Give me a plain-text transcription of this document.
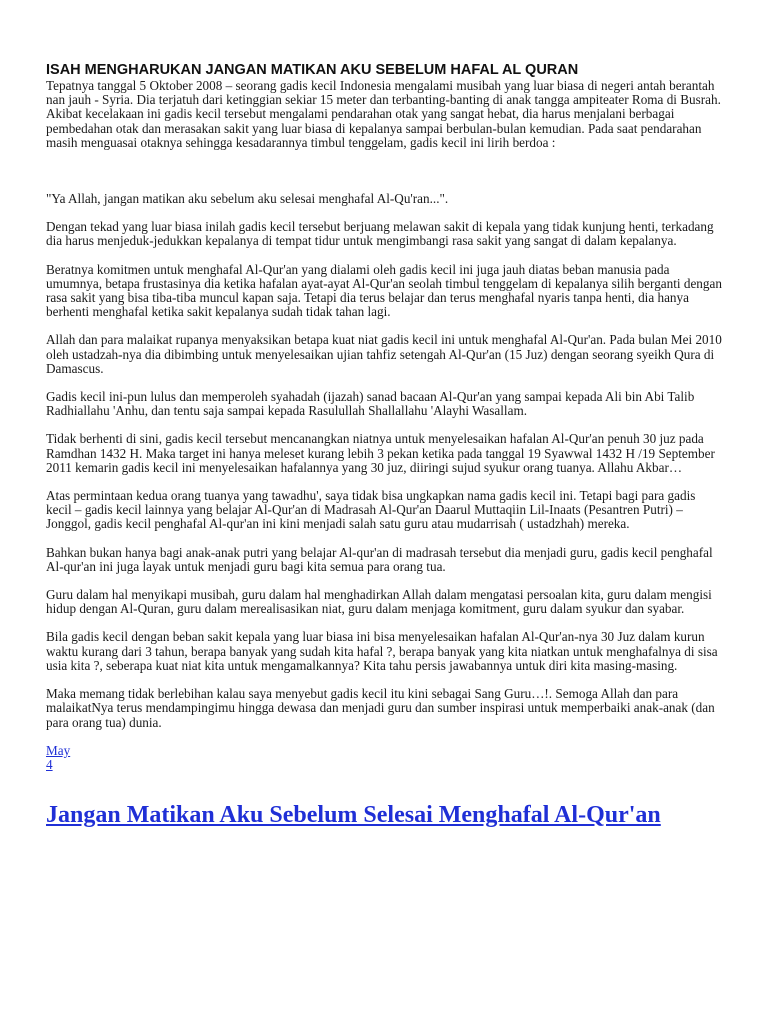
ISAH MENGHARUKAN JANGAN MATIKAN AKU SEBELUM HAFAL AL QURAN

Tepatnya tanggal 5 Oktober 2008 – seorang gadis kecil Indonesia mengalami musibah yang luar biasa di negeri antah berantah nan jauh - Syria. Dia terjatuh dari ketinggian sekiar 15 meter dan terbanting-banting di anak tangga ampiteater Roma di Busrah. Akibat kecelakaan ini gadis kecil tersebut mengalami pendarahan otak yang sangat hebat, dia harus menjalani berbagai pembedahan otak dan merasakan sakit yang luar biasa di kepalanya sampai berbulan-bulan kemudian. Pada saat pendarahan masih menguasai otaknya sehingga kesadarannya timbul tenggelam, gadis kecil ini lirih berdoa :

"Ya Allah, jangan matikan aku sebelum aku selesai menghafal Al-Qu'ran...".

Dengan tekad yang luar biasa inilah gadis kecil tersebut berjuang melawan sakit di kepala yang tidak kunjung henti, terkadang dia harus menjeduk-jedukkan kepalanya di tempat tidur untuk mengimbangi rasa sakit yang sangat di dalam kepalanya.

Beratnya komitmen untuk menghafal Al-Qur'an yang dialami oleh gadis kecil ini juga jauh diatas beban manusia pada umumnya, betapa frustasinya dia ketika hafalan ayat-ayat Al-Qur'an seolah timbul tenggelam di kepalanya silih berganti dengan rasa sakit yang bisa tiba-tiba muncul kapan saja. Tetapi dia terus belajar dan terus menghafal nyaris tanpa henti, dia hanya berhenti menghafal ketika sakit kepalanya sudah tidak tahan lagi.

Allah dan para malaikat rupanya menyaksikan betapa kuat niat gadis kecil ini untuk menghafal Al-Qur'an. Pada bulan Mei 2010 oleh ustadzah-nya dia dibimbing untuk menyelesaikan ujian tahfiz setengah Al-Qur'an (15 Juz) dengan seorang syeikh Qura di Damascus.

Gadis kecil ini-pun lulus dan memperoleh syahadah (ijazah) sanad bacaan Al-Qur'an yang sampai kepada Ali bin Abi Talib Radhiallahu 'Anhu, dan tentu saja sampai kepada Rasulullah Shallallahu 'Alayhi Wasallam.

Tidak berhenti di sini, gadis kecil tersebut mencanangkan niatnya untuk menyelesaikan hafalan Al-Qur'an penuh 30 juz pada Ramdhan 1432 H. Maka target ini hanya meleset kurang lebih 3 pekan ketika pada tanggal 19 Syawwal 1432 H /19 September 2011 kemarin gadis kecil ini menyelesaikan hafalannya yang 30 juz, diiringi sujud syukur orang tuanya. Allahu Akbar…

Atas permintaan kedua orang tuanya yang tawadhu', saya tidak bisa ungkapkan nama gadis kecil ini. Tetapi bagi para gadis kecil – gadis kecil lainnya yang belajar Al-Qur'an di Madrasah Al-Qur'an Daarul Muttaqiin Lil-Inaats (Pesantren Putri) – Jonggol, gadis kecil penghafal Al-qur'an ini kini menjadi salah satu guru atau mudarrisah ( ustadzhah) mereka.

Bahkan bukan hanya bagi anak-anak putri yang belajar Al-qur'an di madrasah tersebut dia menjadi guru, gadis kecil penghafal Al-qur'an ini juga layak untuk menjadi guru bagi kita semua para orang tua.

Guru dalam hal menyikapi musibah, guru dalam hal menghadirkan Allah dalam mengatasi persoalan kita, guru dalam mengisi hidup dengan Al-Quran, guru dalam merealisasikan niat, guru dalam menjaga komitment, guru dalam syukur dan syabar.

Bila gadis kecil dengan beban sakit kepala yang luar biasa ini bisa menyelesaikan hafalan Al-Qur'an-nya 30 Juz dalam kurun waktu kurang dari 3 tahun, berapa banyak yang sudah kita hafal ?, berapa banyak yang kita niatkan untuk menghafalnya di sisa usia kita ?, seberapa kuat niat kita untuk mengamalkannya? Kita tahu persis jawabannya untuk diri kita masing-masing.

Maka memang tidak berlebihan kalau saya menyebut gadis kecil itu kini sebagai Sang Guru…!. Semoga Allah dan para malaikatNya terus mendampingimu hingga dewasa dan menjadi guru dan sumber inspirasi untuk memperbaiki anak-anak (dan para orang tua) dunia.

May
4
Jangan Matikan Aku Sebelum Selesai Menghafal Al-Qur'an
